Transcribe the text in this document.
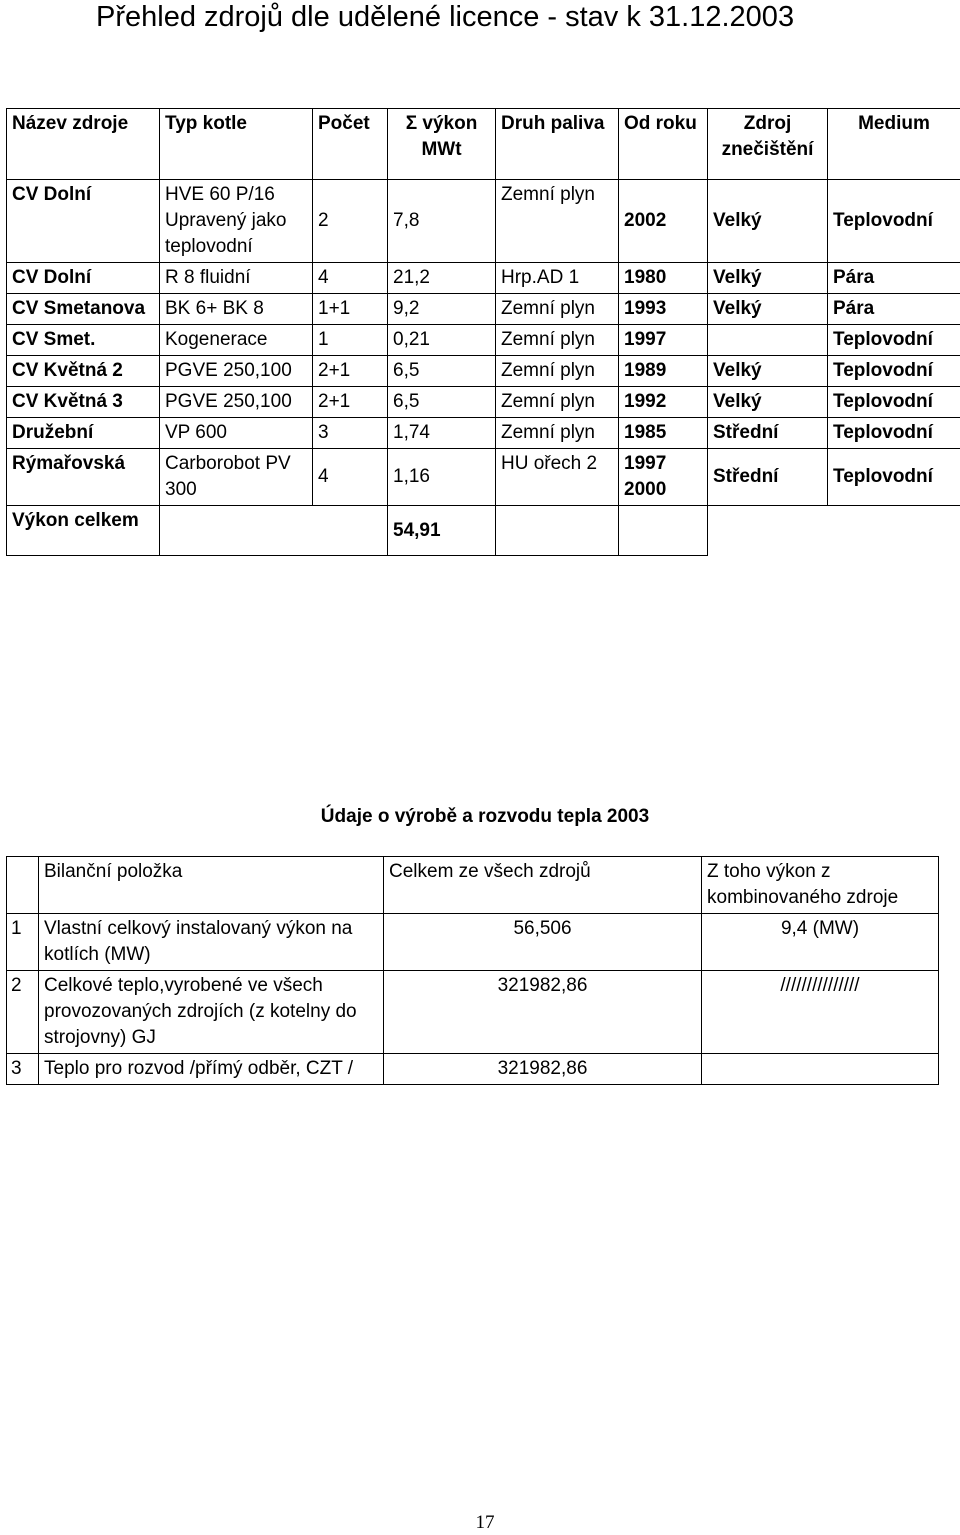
Přehled zdrojů dle udělené licence - stav k 31.12.2003
Název zdroje	Typ kotle	Počet	Σ výkon MWt	Druh paliva	Od roku	Zdroj znečištění	Medium
CV Dolní	HVE 60 P/16 Upravený jako teplovodní	2	7,8	Zemní plyn	2002	Velký	Teplovodní
CV Dolní	R 8 fluidní	4	21,2	Hrp.AD 1	1980	Velký	Pára
CV Smetanova	BK 6+ BK 8	1+1	9,2	Zemní plyn	1993	Velký	Pára
CV Smet.	Kogenerace	1	0,21	Zemní plyn	1997		Teplovodní
CV Květná 2	PGVE 250,100	2+1	6,5	Zemní plyn	1989	Velký	Teplovodní
CV Květná 3	PGVE 250,100	2+1	6,5	Zemní plyn	1992	Velký	Teplovodní
Družební	VP 600	3	1,74	Zemní plyn	1985	Střední	Teplovodní
Rýmařovská	Carborobot PV 300	4	1,16	HU ořech 2	1997 2000	Střední	Teplovodní
Výkon celkem			54,91				
Údaje o výrobě a rozvodu tepla 2003
	Bilanční položka	Celkem ze všech zdrojů	Z toho výkon z kombinovaného zdroje
1	Vlastní celkový instalovaný výkon na kotlích (MW)	56,506	9,4 (MW)
2	Celkové teplo,vyrobené ve všech provozovaných zdrojích (z kotelny do strojovny) GJ	321982,86	///////////////
3	Teplo pro rozvod /přímý odběr, CZT /	321982,86	
17
